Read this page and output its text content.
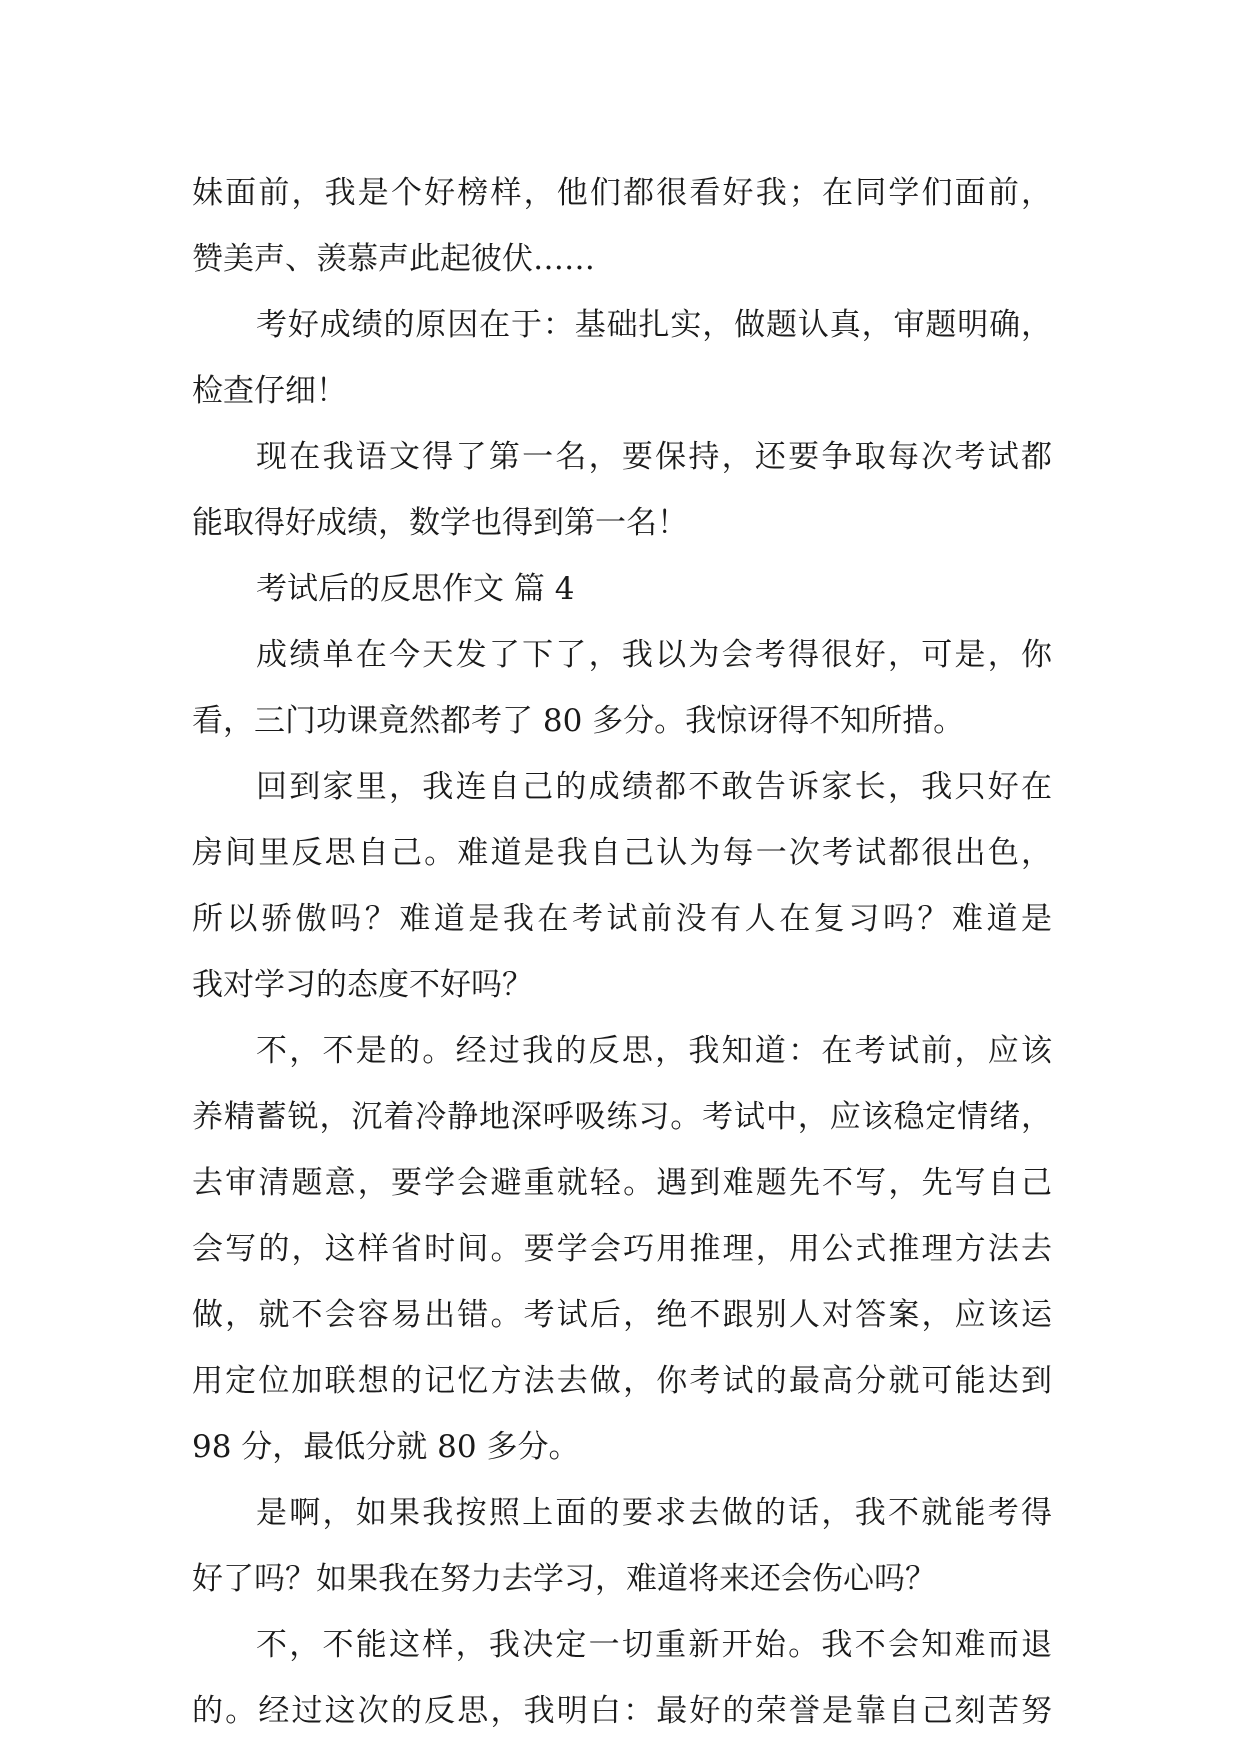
妹面前，我是个好榜样，他们都很看好我；在同学们面前，
赞美声、羡慕声此起彼伏……
考好成绩的原因在于：基础扎实，做题认真，审题明确，
检查仔细！
现在我语文得了第一名，要保持，还要争取每次考试都
能取得好成绩，数学也得到第一名！
考试后的反思作文 篇 4
成绩单在今天发了下了，我以为会考得很好，可是，你
看，三门功课竟然都考了 80 多分。我惊讶得不知所措。
回到家里，我连自己的成绩都不敢告诉家长，我只好在
房间里反思自己。难道是我自己认为每一次考试都很出色，
所以骄傲吗？难道是我在考试前没有人在复习吗？难道是
我对学习的态度不好吗？
不，不是的。经过我的反思，我知道：在考试前，应该
养精蓄锐，沉着冷静地深呼吸练习。考试中，应该稳定情绪，
去审清题意，要学会避重就轻。遇到难题先不写，先写自己
会写的，这样省时间。要学会巧用推理，用公式推理方法去
做，就不会容易出错。考试后，绝不跟别人对答案，应该运
用定位加联想的记忆方法去做，你考试的最高分就可能达到
98 分，最低分就 80 多分。
是啊，如果我按照上面的要求去做的话，我不就能考得
好了吗？如果我在努力去学习，难道将来还会伤心吗？
不，不能这样，我决定一切重新开始。我不会知难而退
的。经过这次的反思，我明白：最好的荣誉是靠自己刻苦努
